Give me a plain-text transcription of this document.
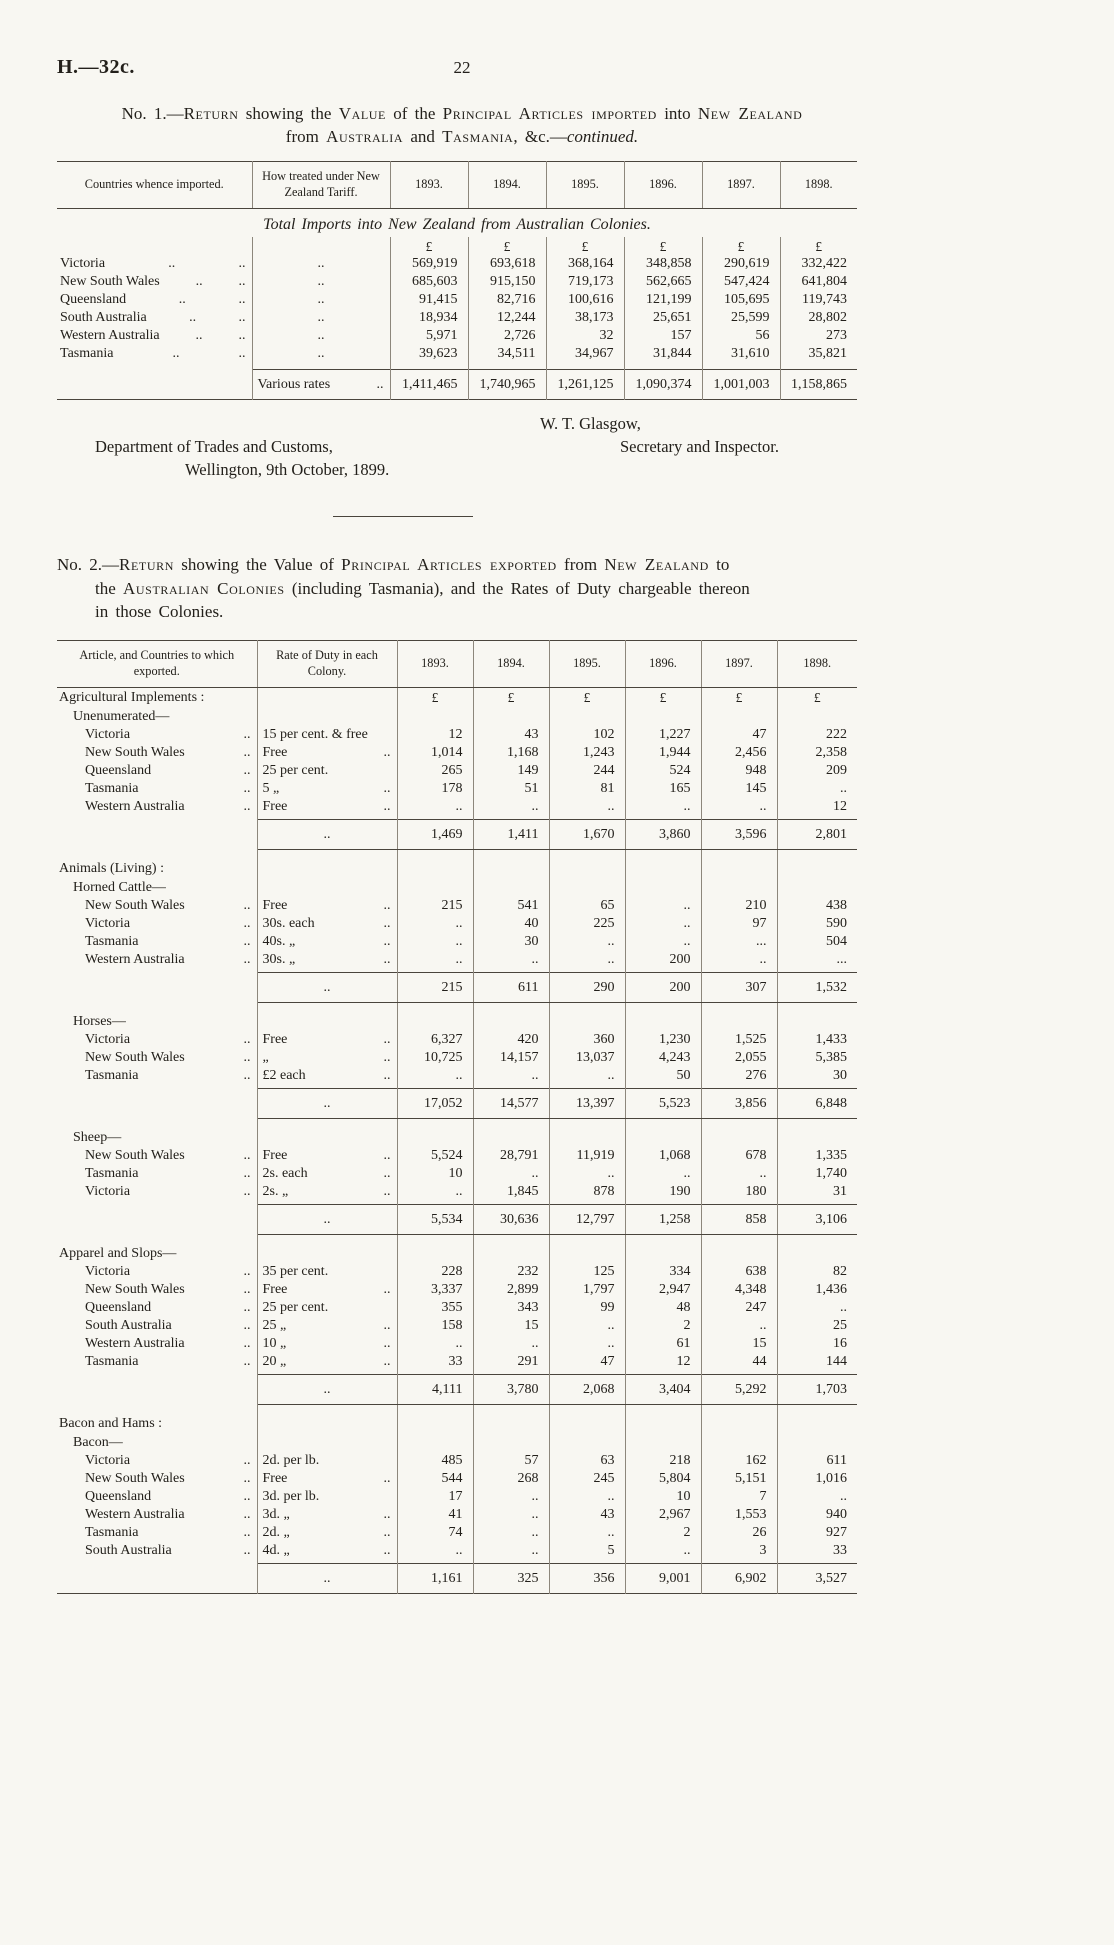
H.—32c.	22

No. 1.—Return showing the Value of the Principal Articles imported into New Zealand
from Australia and Tasmania, &c.—continued.

Countries whence imported.	How treated under New Zealand Tariff.	1893.	1894.	1895.	1896.	1897.	1898.
Total Imports into New Zealand from Australian Colonies.							
		£	£	£	£	£	£

Victoria .. ..	..	569,919	693,618	368,164	348,858	290,619	332,422

New South Wales .. ..	..	685,603	915,150	719,173	562,665	547,424	641,804

Queensland .. ..	..	91,415	82,716	100,616	121,199	105,695	119,743

South Australia .. ..	..	18,934	12,244	38,173	25,651	25,599	28,802

Western Australia .. ..	..	5,971	2,726	32	157	56	273

Tasmania .. ..	..	39,623	34,511	34,967	31,844	31,610	35,821

	Various rates ..	1,411,465	1,740,965	1,261,125	1,090,374	1,001,003	1,158,865
W. T. Glasgow,
Department of Trades and Customs,	Secretary and Inspector.
Wellington, 9th October, 1899.

No. 2.—Return showing the Value of Principal Articles exported from New Zealand to
the Australian Colonies (including Tasmania), and the Rates of Duty chargeable thereon
in those Colonies.

Article, and Countries to which exported.	Rate of Duty in each Colony.	1893.	1894.	1895.	1896.	1897.	1898.
Agricultural Implements :		£	£	£	£	£	£
Unenumerated—							

Victoria ..	15 per cent. & free	12	43	102	1,227	47	222

New South Wales ..	Free ..	1,014	1,168	1,243	1,944	2,456	2,358

Queensland ..	25 per cent.	265	149	244	524	948	209

Tasmania ..	5 „ ..	178	51	81	165	145	..

Western Australia ..	Free ..	..	..	..	..	..	12

	..	1,469	1,411	1,670	3,860	3,596	2,801

Animals (Living) :							
Horned Cattle—							

New South Wales ..	Free ..	215	541	65	..	210	438

Victoria ..	30s. each ..	..	40	225	..	97	590

Tasmania ..	40s. „ ..	..	30	..	..	...	504

Western Australia ..	30s. „ ..	..	..	..	200	..	...

	..	215	611	290	200	307	1,532

Horses—							

Victoria ..	Free ..	6,327	420	360	1,230	1,525	1,433

New South Wales ..	„ ..	10,725	14,157	13,037	4,243	2,055	5,385

Tasmania ..	£2 each ..	..	..	..	50	276	30

	..	17,052	14,577	13,397	5,523	3,856	6,848

Sheep—							

New South Wales ..	Free ..	5,524	28,791	11,919	1,068	678	1,335

Tasmania ..	2s. each ..	10	..	..	..	..	1,740

Victoria ..	2s. „ ..	..	1,845	878	190	180	31

	..	5,534	30,636	12,797	1,258	858	3,106

Apparel and Slops—							

Victoria ..	35 per cent.	228	232	125	334	638	82

New South Wales ..	Free ..	3,337	2,899	1,797	2,947	4,348	1,436

Queensland ..	25 per cent.	355	343	99	48	247	..

South Australia ..	25 „ ..	158	15	..	2	..	25

Western Australia ..	10 „ ..	..	..	..	61	15	16

Tasmania ..	20 „ ..	33	291	47	12	44	144

	..	4,111	3,780	2,068	3,404	5,292	1,703

Bacon and Hams :							
Bacon—							

Victoria ..	2d. per lb.	485	57	63	218	162	611

New South Wales ..	Free ..	544	268	245	5,804	5,151	1,016

Queensland ..	3d. per lb.	17	..	..	10	7	..

Western Australia ..	3d. „ ..	41	..	43	2,967	1,553	940

Tasmania ..	2d. „ ..	74	..	..	2	26	927

South Australia ..	4d. „ ..	..	..	5	..	3	33

	..	1,161	325	356	9,001	6,902	3,527
